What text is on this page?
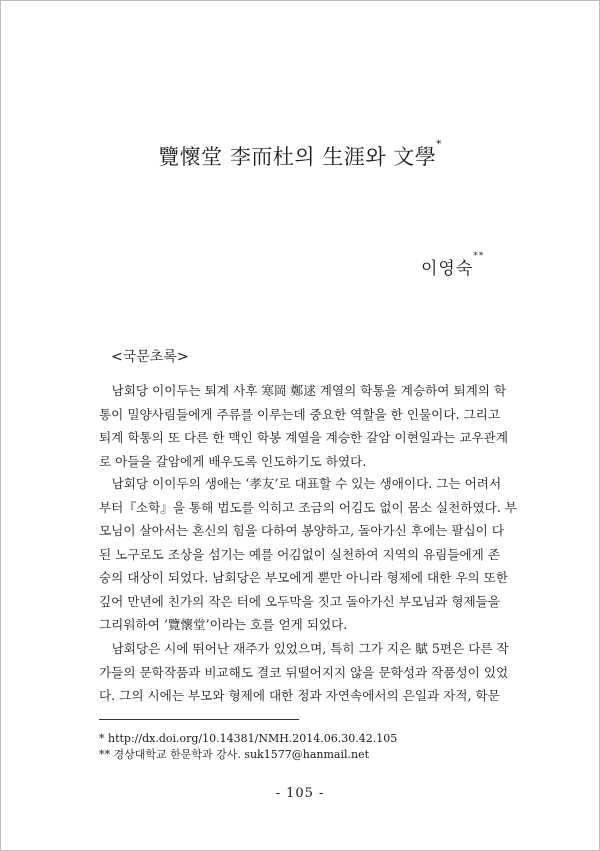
覽懷堂 李而杜의 生涯와 文學*
이영숙**
<국문초록>

남회당 이이두는 퇴계 사후 寒岡 鄭逑 계열의 학통을 계승하여 퇴계의 학
통이 밀양사림들에게 주류를 이루는데 중요한 역할을 한 인물이다. 그리고
퇴계 학통의 또 다른 한 맥인 학봉 계열을 계승한 갈암 이현일과는 교우관계
로 아들을 갈암에게 배우도록 인도하기도 하였다.

남회당 이이두의 생애는 ‘孝友’로 대표할 수 있는 생애이다. 그는 어려서
부터『소학』을 통해 법도를 익히고 조금의 어김도 없이 몸소 실천하였다. 부
모님이 살아서는 혼신의 힘을 다하여 봉양하고, 돌아가신 후에는 팔십이 다
된 노구로도 조상을 섬기는 예를 어김없이 실천하여 지역의 유림들에게 존
숭의 대상이 되었다. 남회당은 부모에게 뿐만 아니라 형제에 대한 우의 또한
깊어 만년에 친가의 작은 터에 오두막을 짓고 돌아가신 부모님과 형제들을
그리워하여 ‘覽懷堂’이라는 호를 얻게 되었다.

남회당은 시에 뛰어난 재주가 있었으며, 특히 그가 지은 賦 5편은 다른 작
가들의 문학작품과 비교해도 결코 뒤떨어지지 않을 문학성과 작품성이 있었
다. 그의 시에는 부모와 형제에 대한 정과 자연속에서의 은일과 자적, 학문

* http://dx.doi.org/10.14381/NMH.2014.06.30.42.105
** 경상대학교 한문학과 강사. suk1577@hanmail.net
- 105 -
